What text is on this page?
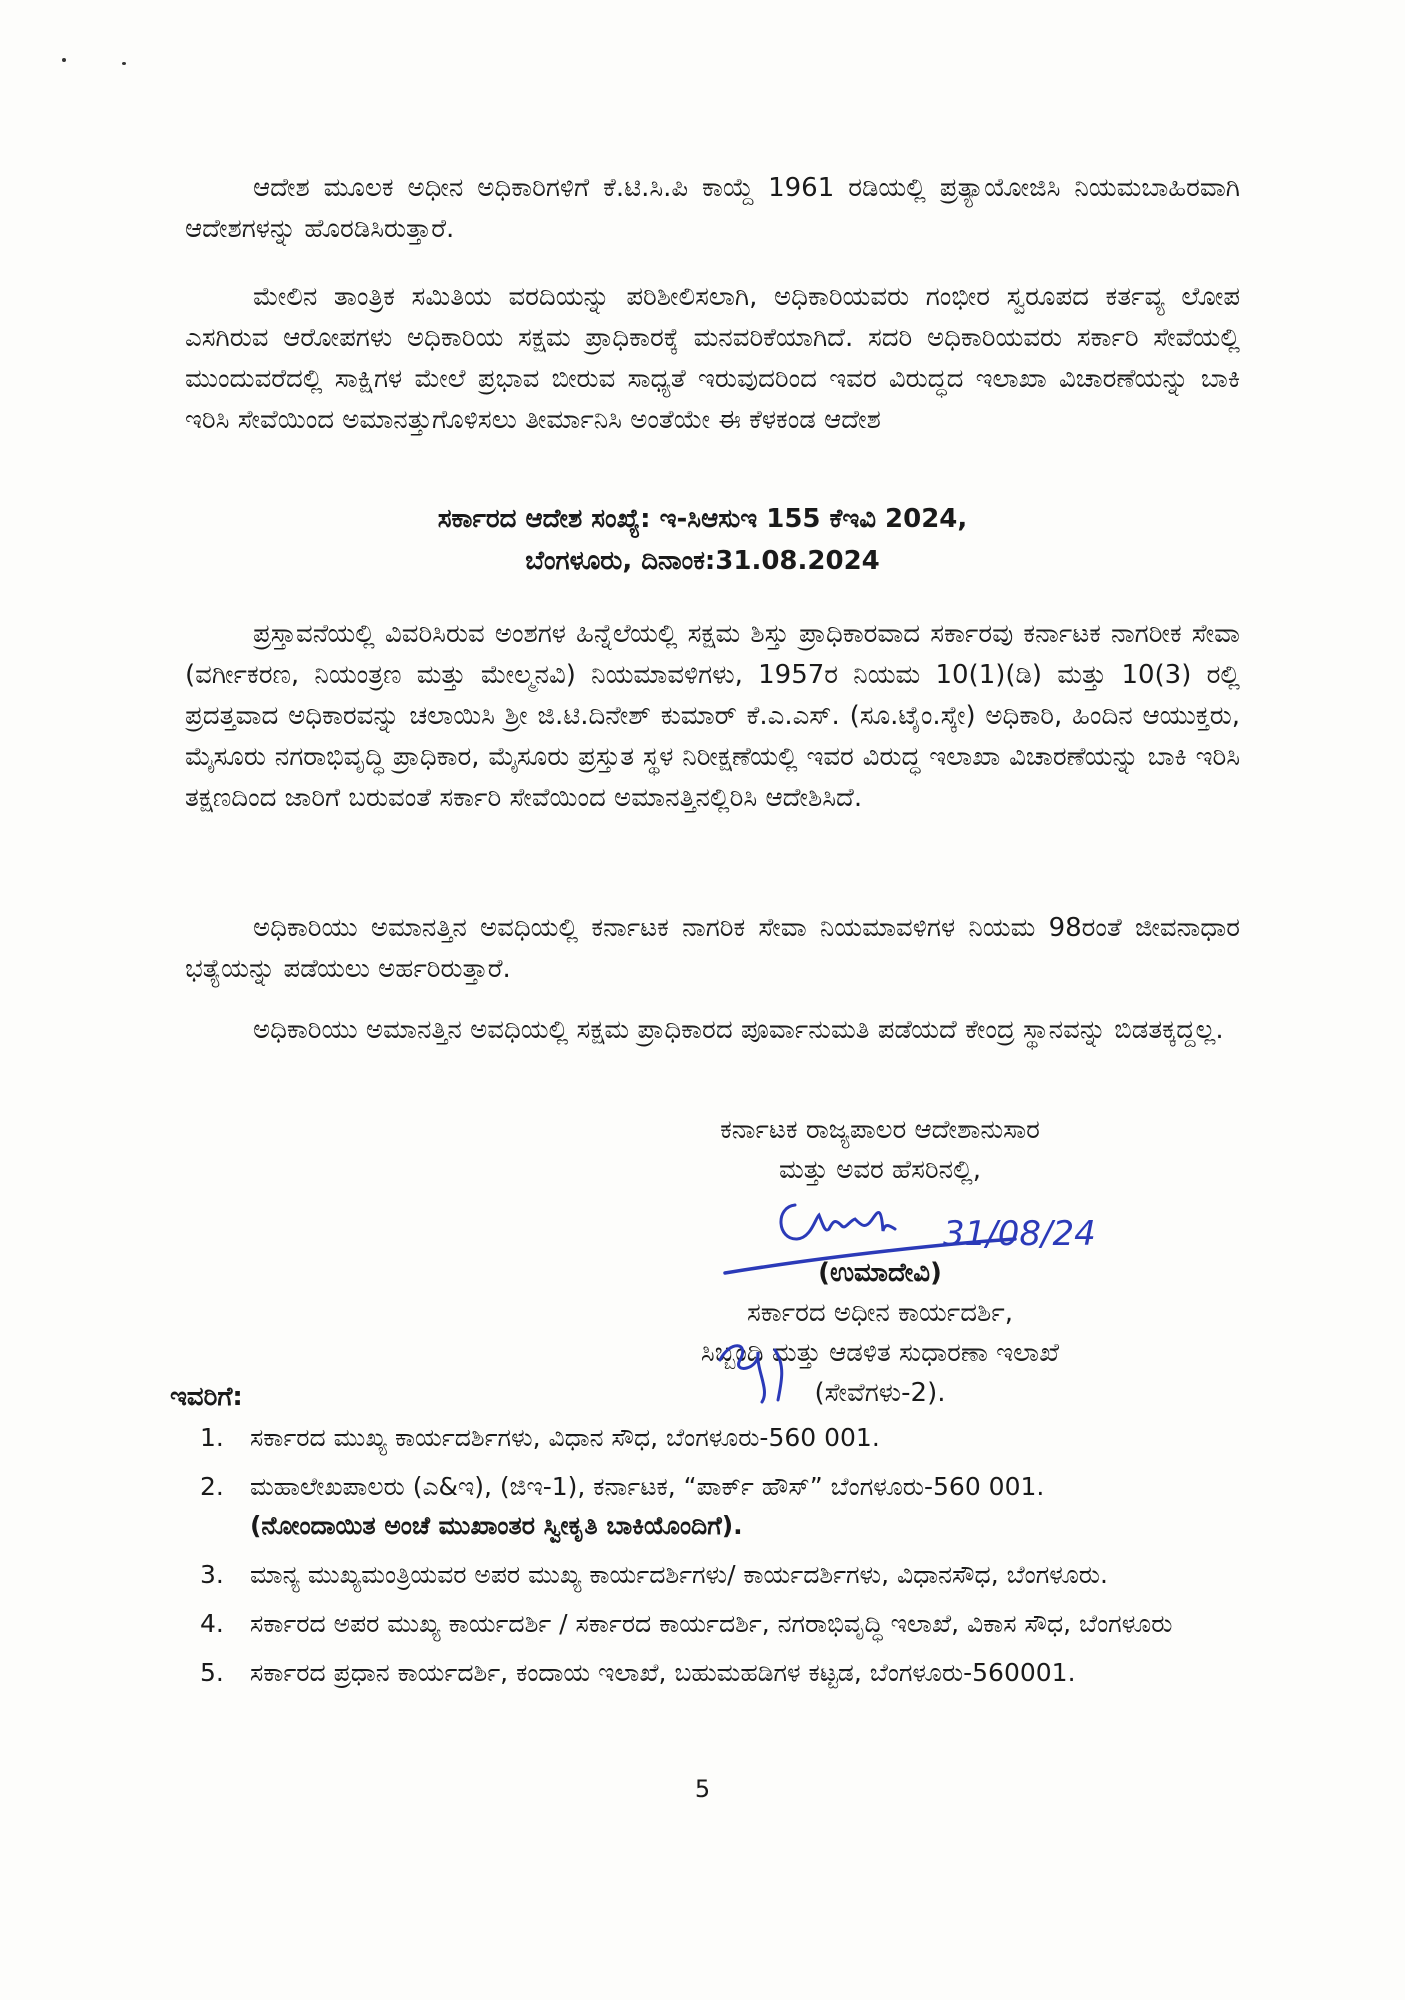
ಆದೇಶ ಮೂಲಕ ಅಧೀನ ಅಧಿಕಾರಿಗಳಿಗೆ ಕೆ.ಟಿ.ಸಿ.ಪಿ ಕಾಯ್ದೆ 1961 ರಡಿಯಲ್ಲಿ ಪ್ರತ್ಯಾಯೋಜಿಸಿ ನಿಯಮಬಾಹಿರವಾಗಿ ಆದೇಶಗಳನ್ನು ಹೊರಡಿಸಿರುತ್ತಾರೆ.

ಮೇಲಿನ ತಾಂತ್ರಿಕ ಸಮಿತಿಯ ವರದಿಯನ್ನು ಪರಿಶೀಲಿಸಲಾಗಿ, ಅಧಿಕಾರಿಯವರು ಗಂಭೀರ ಸ್ವರೂಪದ ಕರ್ತವ್ಯ ಲೋಪ ಎಸಗಿರುವ ಆರೋಪಗಳು ಅಧಿಕಾರಿಯ ಸಕ್ಷಮ ಪ್ರಾಧಿಕಾರಕ್ಕೆ ಮನವರಿಕೆಯಾಗಿದೆ. ಸದರಿ ಅಧಿಕಾರಿಯವರು ಸರ್ಕಾರಿ ಸೇವೆಯಲ್ಲಿ ಮುಂದುವರೆದಲ್ಲಿ ಸಾಕ್ಷಿಗಳ ಮೇಲೆ ಪ್ರಭಾವ ಬೀರುವ ಸಾಧ್ಯತೆ ಇರುವುದರಿಂದ ಇವರ ವಿರುದ್ಧದ ಇಲಾಖಾ ವಿಚಾರಣೆಯನ್ನು ಬಾಕಿ ಇರಿಸಿ ಸೇವೆಯಿಂದ ಅಮಾನತ್ತುಗೊಳಿಸಲು ತೀರ್ಮಾನಿಸಿ ಅಂತೆಯೇ ಈ ಕೆಳಕಂಡ ಆದೇಶ

ಸರ್ಕಾರದ ಆದೇಶ ಸಂಖ್ಯೆ: ಇ-ಸಿಆಸುಇ 155 ಕೆಇವಿ 2024,
ಬೆಂಗಳೂರು, ದಿನಾಂಕ:31.08.2024

ಪ್ರಸ್ತಾವನೆಯಲ್ಲಿ ವಿವರಿಸಿರುವ ಅಂಶಗಳ ಹಿನ್ನೆಲೆಯಲ್ಲಿ ಸಕ್ಷಮ ಶಿಸ್ತು ಪ್ರಾಧಿಕಾರವಾದ ಸರ್ಕಾರವು ಕರ್ನಾಟಕ ನಾಗರೀಕ ಸೇವಾ (ವರ್ಗೀಕರಣ, ನಿಯಂತ್ರಣ ಮತ್ತು ಮೇಲ್ಮನವಿ) ನಿಯಮಾವಳಿಗಳು, 1957ರ ನಿಯಮ 10(1)(ಡಿ) ಮತ್ತು 10(3) ರಲ್ಲಿ ಪ್ರದತ್ತವಾದ ಅಧಿಕಾರವನ್ನು ಚಲಾಯಿಸಿ ಶ್ರೀ ಜಿ.ಟಿ.ದಿನೇಶ್ ಕುಮಾರ್ ಕೆ.ಎ.ಎಸ್. (ಸೂ.ಟೈಂ.ಸ್ಕೇ) ಅಧಿಕಾರಿ, ಹಿಂದಿನ ಆಯುಕ್ತರು, ಮೈಸೂರು ನಗರಾಭಿವೃದ್ಧಿ ಪ್ರಾಧಿಕಾರ, ಮೈಸೂರು ಪ್ರಸ್ತುತ ಸ್ಥಳ ನಿರೀಕ್ಷಣೆಯಲ್ಲಿ ಇವರ ವಿರುದ್ಧ ಇಲಾಖಾ ವಿಚಾರಣೆಯನ್ನು ಬಾಕಿ ಇರಿಸಿ ತಕ್ಷಣದಿಂದ ಜಾರಿಗೆ ಬರುವಂತೆ ಸರ್ಕಾರಿ ಸೇವೆಯಿಂದ ಅಮಾನತ್ತಿನಲ್ಲಿರಿಸಿ ಆದೇಶಿಸಿದೆ.

ಅಧಿಕಾರಿಯು ಅಮಾನತ್ತಿನ ಅವಧಿಯಲ್ಲಿ ಕರ್ನಾಟಕ ನಾಗರಿಕ ಸೇವಾ ನಿಯಮಾವಳಿಗಳ ನಿಯಮ 98ರಂತೆ ಜೀವನಾಧಾರ ಭತ್ಯೆಯನ್ನು ಪಡೆಯಲು ಅರ್ಹರಿರುತ್ತಾರೆ.

ಅಧಿಕಾರಿಯು ಅಮಾನತ್ತಿನ ಅವಧಿಯಲ್ಲಿ ಸಕ್ಷಮ ಪ್ರಾಧಿಕಾರದ ಪೂರ್ವಾನುಮತಿ ಪಡೆಯದೆ ಕೇಂದ್ರ ಸ್ಥಾನವನ್ನು ಬಿಡತಕ್ಕದ್ದಲ್ಲ.

ಕರ್ನಾಟಕ ರಾಜ್ಯಪಾಲರ ಆದೇಶಾನುಸಾರ
ಮತ್ತು ಅವರ ಹೆಸರಿನಲ್ಲಿ,
31/08/24
(ಉಮಾದೇವಿ)
ಸರ್ಕಾರದ ಅಧೀನ ಕಾರ್ಯದರ್ಶಿ,
ಸಿಬ್ಬಂದಿ ಮತ್ತು ಆಡಳಿತ ಸುಧಾರಣಾ ಇಲಾಖೆ
(ಸೇವೆಗಳು-2).
ಇವರಿಗೆ:
1. ಸರ್ಕಾರದ ಮುಖ್ಯ ಕಾರ್ಯದರ್ಶಿಗಳು, ವಿಧಾನ ಸೌಧ, ಬೆಂಗಳೂರು-560 001.
2. ಮಹಾಲೇಖಪಾಲರು (ಎ&ಇ), (ಜಿಇ-1), ಕರ್ನಾಟಕ, “ಪಾರ್ಕ್ ಹೌಸ್” ಬೆಂಗಳೂರು-560 001.
(ನೋಂದಾಯಿತ ಅಂಚೆ ಮುಖಾಂತರ ಸ್ವೀಕೃತಿ ಬಾಕಿಯೊಂದಿಗೆ).
3. ಮಾನ್ಯ ಮುಖ್ಯಮಂತ್ರಿಯವರ ಅಪರ ಮುಖ್ಯ ಕಾರ್ಯದರ್ಶಿಗಳು/ ಕಾರ್ಯದರ್ಶಿಗಳು, ವಿಧಾನಸೌಧ, ಬೆಂಗಳೂರು.
4. ಸರ್ಕಾರದ ಅಪರ ಮುಖ್ಯ ಕಾರ್ಯದರ್ಶಿ / ಸರ್ಕಾರದ ಕಾರ್ಯದರ್ಶಿ, ನಗರಾಭಿವೃದ್ಧಿ ಇಲಾಖೆ, ವಿಕಾಸ ಸೌಧ, ಬೆಂಗಳೂರು
5. ಸರ್ಕಾರದ ಪ್ರಧಾನ ಕಾರ್ಯದರ್ಶಿ, ಕಂದಾಯ ಇಲಾಖೆ, ಬಹುಮಹಡಿಗಳ ಕಟ್ಟಡ, ಬೆಂಗಳೂರು-560001.
5
